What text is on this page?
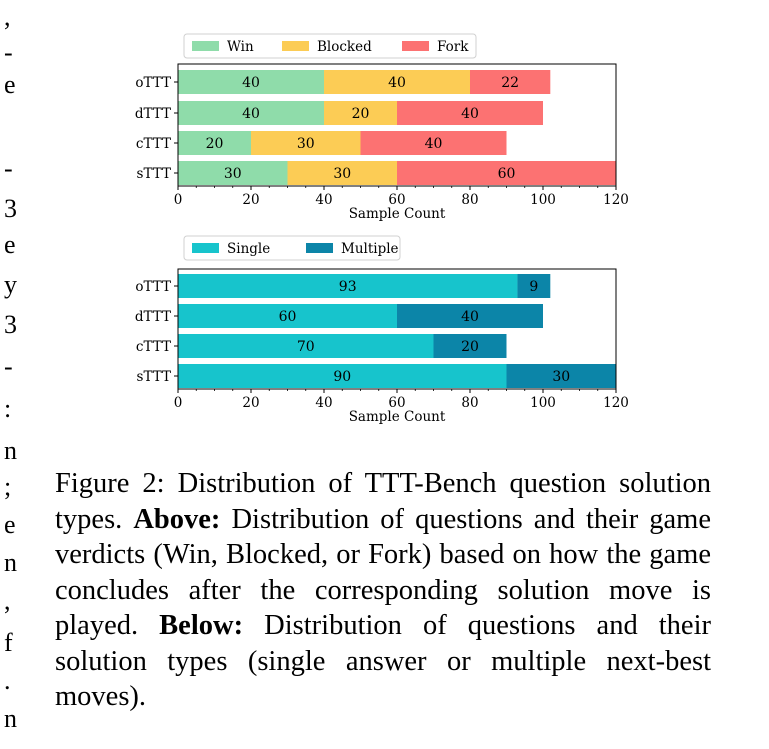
,
-
e
-
3
e
y
3
-
:
n
;
e
n
,
f
.
n
Win	Blocked	Fork
40	40	22
40	20	40
20	30	40
30	30	60
oTTT
dTTT
cTTT
sTTT
0	20	40	60	80	100	120
Sample Count
Single	Multiple
93	9
60	40
70	20
90	30
oTTT
dTTT
cTTT
sTTT
0	20	40	60	80	100	120
Sample Count
Figure 2: Distribution of TTT-Bench question solution types. Above: Distribution of questions and their game verdicts (Win, Blocked, or Fork) based on how the game concludes after the corresponding solution move is played. Below: Distribution of questions and their solution types (single answer or multiple next-best moves).
